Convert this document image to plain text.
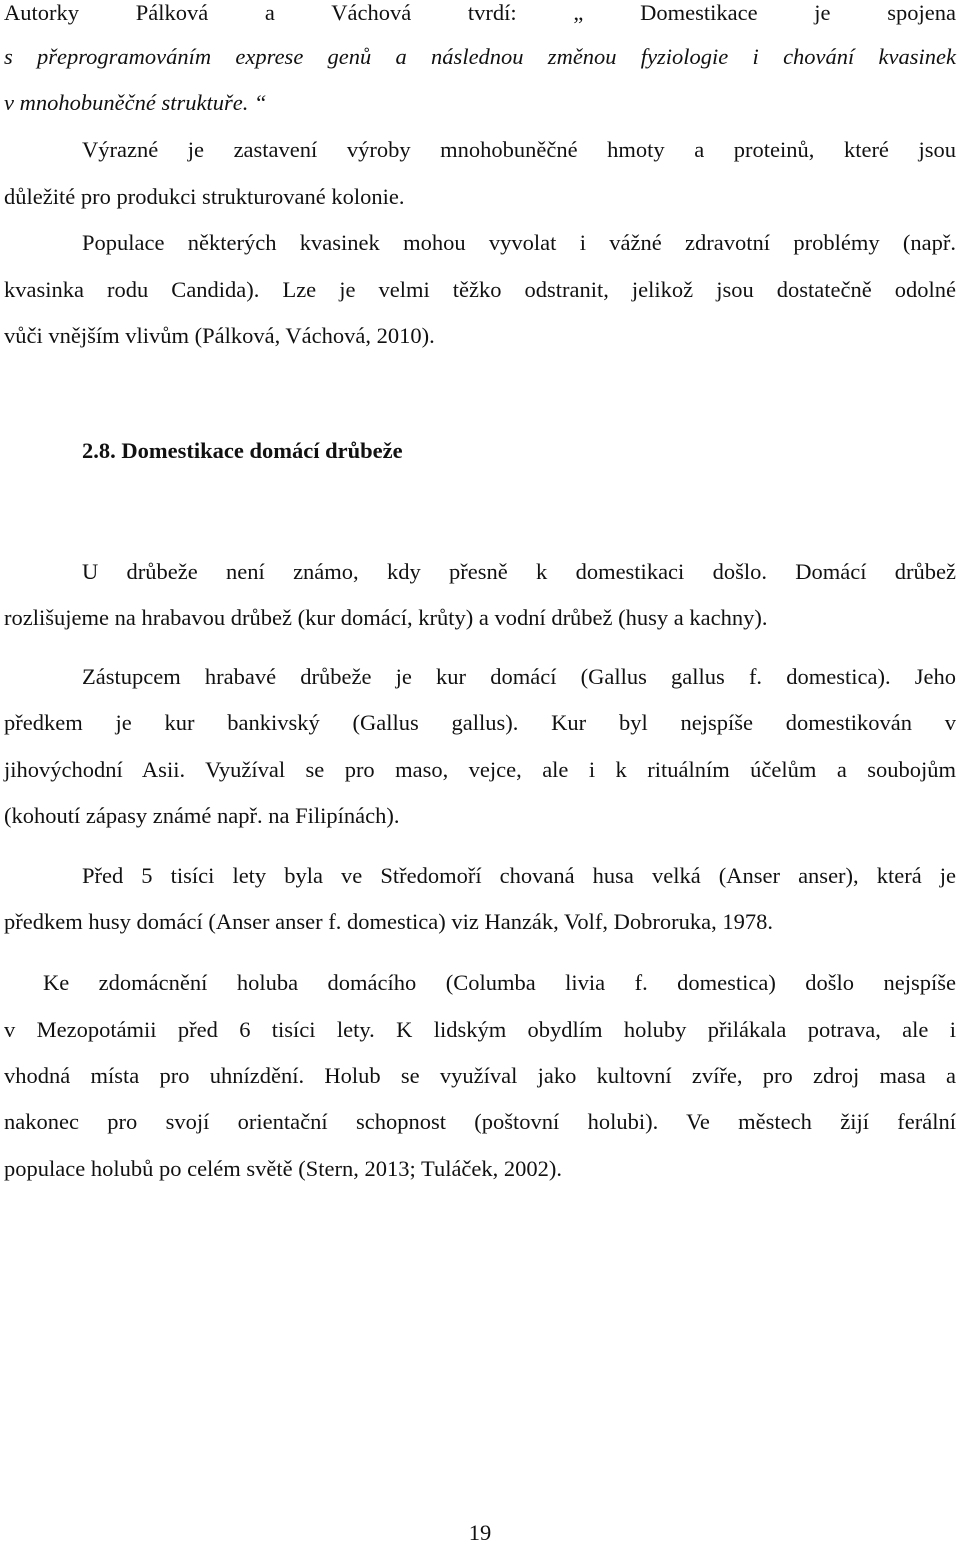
Autorky Pálková a Váchová tvrdí: „ Domestikace je spojena
s přeprogramováním exprese genů a následnou změnou fyziologie i chování kvasinek
v mnohobuněčné struktuře. “
Výrazné je zastavení výroby mnohobuněčné hmoty a proteinů, které jsou
důležité pro produkci strukturované kolonie.
Populace některých kvasinek mohou vyvolat i vážné zdravotní problémy (např.
kvasinka rodu Candida). Lze je velmi těžko odstranit, jelikož jsou dostatečně odolné
vůči vnějším vlivům (Pálková, Váchová, 2010).
2.8. Domestikace domácí drůbeže
U drůbeže není známo, kdy přesně k domestikaci došlo. Domácí drůbež
rozlišujeme na hrabavou drůbež (kur domácí, krůty) a vodní drůbež (husy a kachny).
Zástupcem hrabavé drůbeže je kur domácí (Gallus gallus f. domestica). Jeho
předkem je kur bankivský (Gallus gallus). Kur byl nejspíše domestikován v
jihovýchodní Asii. Využíval se pro maso, vejce, ale i k rituálním účelům a soubojům
(kohoutí zápasy známé např. na Filipínách).
Před 5 tisíci lety byla ve Středomoří chovaná husa velká (Anser anser), která je
předkem husy domácí (Anser anser f. domestica) viz Hanzák, Volf, Dobroruka, 1978.
Ke zdomácnění holuba domácího (Columba livia f. domestica) došlo nejspíše
v Mezopotámii před 6 tisíci lety. K lidským obydlím holuby přilákala potrava, ale i
vhodná místa pro uhnízdění. Holub se využíval jako kultovní zvíře, pro zdroj masa a
nakonec pro svojí orientační schopnost (poštovní holubi). Ve městech žijí ferální
populace holubů po celém světě (Stern, 2013; Tuláček, 2002).
19
